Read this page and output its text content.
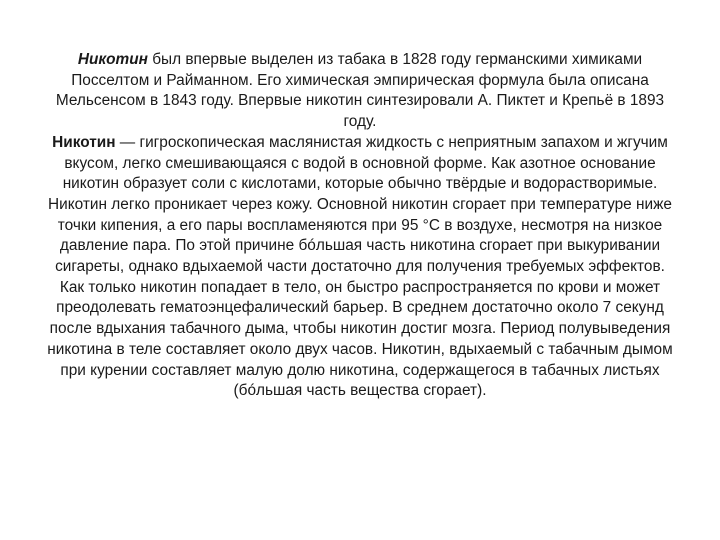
Никотин был впервые выделен из табака в 1828 году германскими химиками Посселтом и Райманном. Его химическая эмпирическая формула была описана Мельсенсом в 1843 году. Впервые никотин синтезировали А. Пиктет и Крепьё в 1893 году.

Никотин — гигроскопическая маслянистая жидкость с неприятным запахом и жгучим вкусом, легко смешивающаяся с водой в основной форме. Как азотное основание никотин образует соли с кислотами, которые обычно твёрдые и водорастворимые. Никотин легко проникает через кожу. Основной никотин сгорает при температуре ниже точки кипения, а его пары воспламеняются при 95 °C в воздухе, несмотря на низкое давление пара. По этой причине бóльшая часть никотина сгорает при выкуривании сигареты, однако вдыхаемой части достаточно для получения требуемых эффектов.

Как только никотин попадает в тело, он быстро распространяется по крови и может преодолевать гематоэнцефалический барьер. В среднем достаточно около 7 секунд после вдыхания табачного дыма, чтобы никотин достиг мозга. Период полувыведения никотина в теле составляет около двух часов. Никотин, вдыхаемый с табачным дымом при курении составляет малую долю никотина, содержащегося в табачных листьях (бóльшая часть вещества сгорает).
